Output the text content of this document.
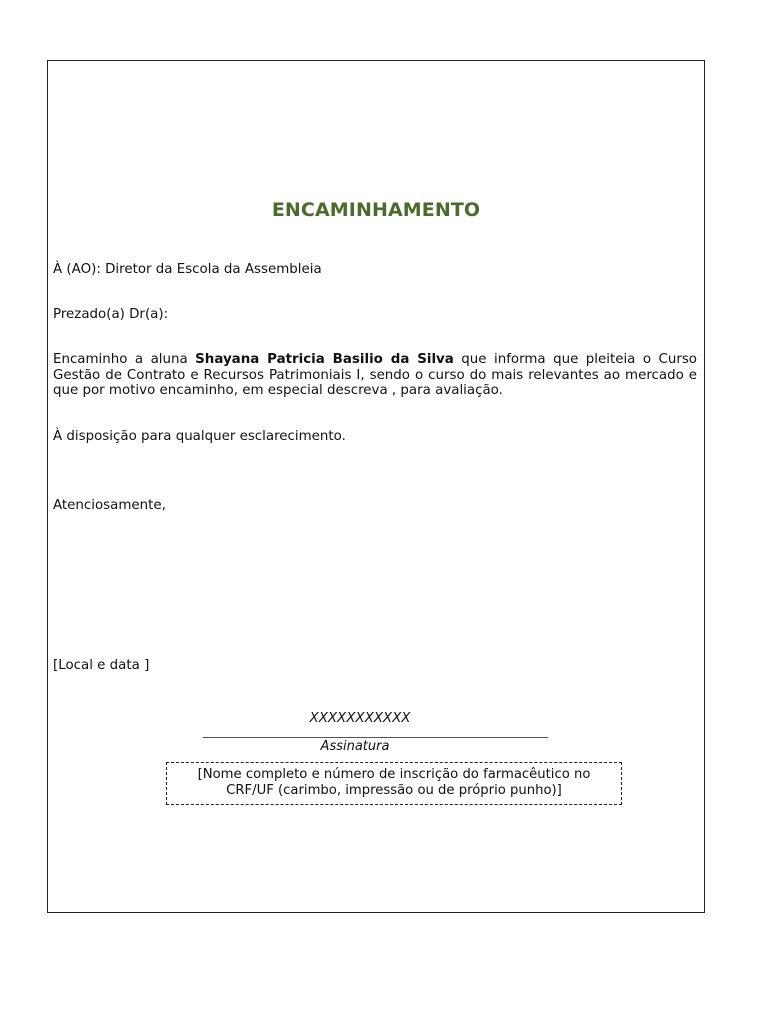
ENCAMINHAMENTO
À (AO): Diretor da Escola da Assembleia
Prezado(a) Dr(a):
Encaminho a aluna Shayana Patricia Basilio da Silva que informa que pleiteia o Curso Gestão de Contrato e Recursos Patrimoniais I, sendo o curso do mais relevantes ao mercado e que por motivo encaminho, em especial descreva , para avaliação.
À disposição para qualquer esclarecimento.
Atenciosamente,
[Local e data ]
XXXXXXXXXXX
Assinatura
[Nome completo e número de inscrição do farmacêutico no
CRF/UF (carimbo, impressão ou de próprio punho)]
